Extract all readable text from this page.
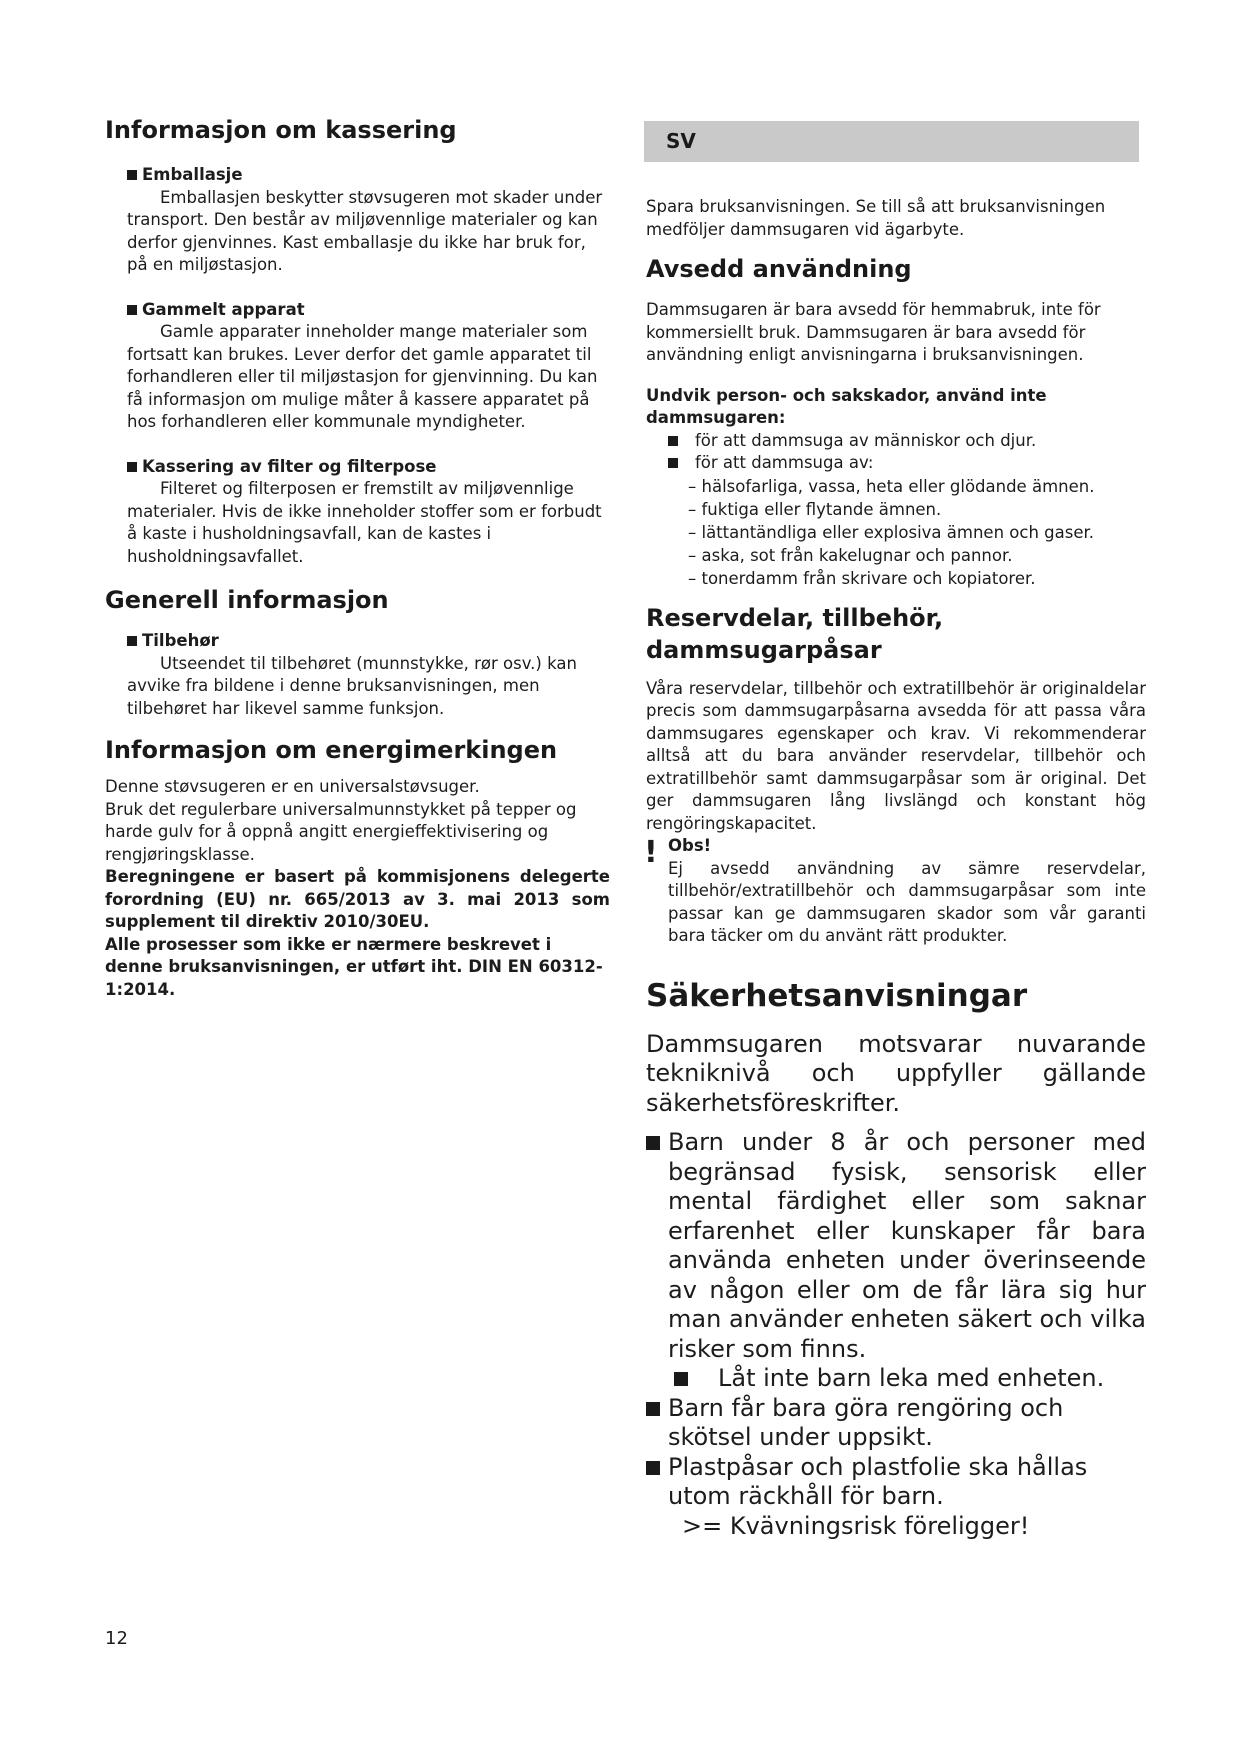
Informasjon om kassering
Emballasje

Emballasjen beskytter støvsugeren mot skader under transport. Den består av miljøvennlige materialer og kan derfor gjenvinnes. Kast emballasje du ikke har bruk for, på en miljøstasjon.

Gammelt apparat

Gamle apparater inneholder mange materialer som fortsatt kan brukes. Lever derfor det gamle apparatet til forhandleren eller til miljøstasjon for gjenvinning. Du kan få informasjon om mulige måter å kassere apparatet på hos forhandleren eller kommunale myndigheter.

Kassering av filter og filterpose

Filteret og filterposen er fremstilt av miljøvennlige materialer. Hvis de ikke inneholder stoffer som er forbudt å kaste i husholdningsavfall, kan de kastes i husholdningsavfallet.

Generell informasjon
Tilbehør

Utseendet til tilbehøret (munnstykke, rør osv.) kan avvike fra bildene i denne bruksanvisningen, men tilbehøret har likevel samme funksjon.

Informasjon om energimerkingen

Denne støvsugeren er en universalstøvsuger.

Bruk det regulerbare universalmunnstykket på tepper og harde gulv for å oppnå angitt energieffektivisering og rengjøringsklasse.

Beregningene er basert på kommisjonens delegerte forordning (EU) nr. 665/2013 av 3. mai 2013 som supplement til direktiv 2010/30EU.

Alle prosesser som ikke er nærmere beskrevet i denne bruksanvisningen, er utført iht. DIN EN 60312-1:2014.

SV

Spara bruksanvisningen. Se till så att bruksanvisningen medföljer dammsugaren vid ägarbyte.

Avsedd användning

Dammsugaren är bara avsedd för hemmabruk, inte för kommersiellt bruk. Dammsugaren är bara avsedd för användning enligt anvisningarna i bruksanvisningen.

Undvik person- och sakskador, använd inte dammsugaren:

för att dammsuga av människor och djur.
för att dammsuga av:
– hälsofarliga, vassa, heta eller glödande ämnen.
– fuktiga eller flytande ämnen.
– lättantändliga eller explosiva ämnen och gaser.
– aska, sot från kakelugnar och pannor.
– tonerdamm från skrivare och kopiatorer.
Reservdelar, tillbehör, dammsugarpåsar

Våra reservdelar, tillbehör och extratillbehör är originaldelar precis som dammsugarpåsarna avsedda för att passa våra dammsugares egenskaper och krav. Vi rekommenderar alltså att du bara använder reservdelar, tillbehör och extratillbehör samt dammsugarpåsar som är original. Det ger dammsugaren lång livslängd och konstant hög rengöringskapacitet.

! Obs!
Ej avsedd användning av sämre reservdelar, tillbehör/extratillbehör och dammsugarpåsar som inte passar kan ge dammsugaren skador som vår garanti bara täcker om du använt rätt produkter.
Säkerhetsanvisningar

Dammsugaren motsvarar nuvarande tekniknivå och uppfyller gällande säkerhetsföreskrifter.

Barn under 8 år och personer med begränsad fysisk, sensorisk eller mental färdighet eller som saknar erfarenhet eller kunskaper får bara använda enheten under överinseende av någon eller om de får lära sig hur man använder enheten säkert och vilka risker som finns.
Låt inte barn leka med enheten.
Barn får bara göra rengöring och skötsel under uppsikt.
Plastpåsar och plastfolie ska hållas utom räckhåll för barn.
>= Kvävningsrisk föreligger!
12
